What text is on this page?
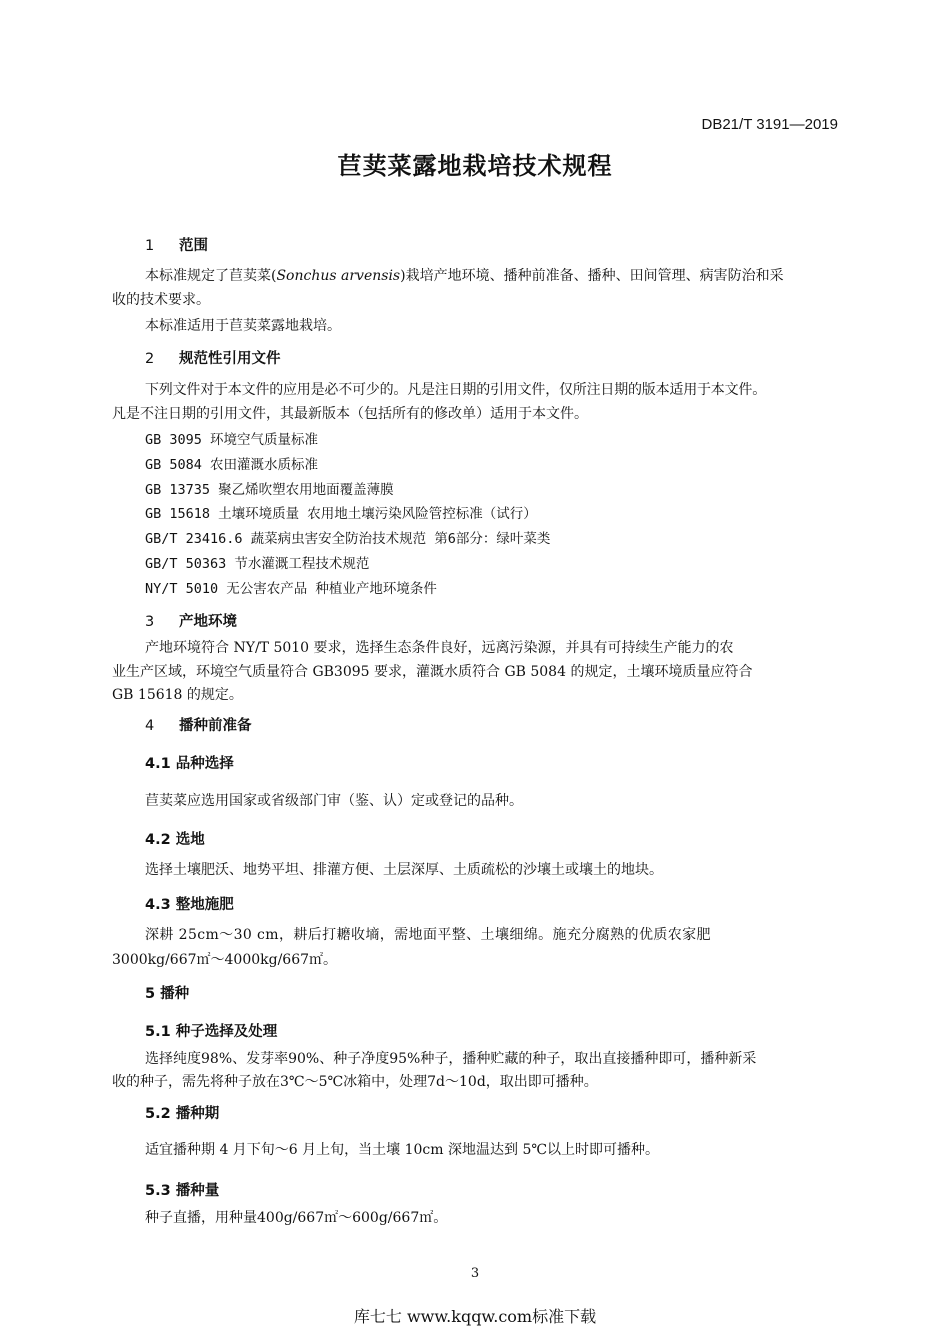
DB21/T 3191—2019
苣荬菜露地栽培技术规程
1 范围
本标准规定了苣荬菜(Sonchus arvensis)栽培产地环境、播种前准备、播种、田间管理、病害防治和采
收的技术要求。
本标准适用于苣荬菜露地栽培。
2 规范性引用文件
下列文件对于本文件的应用是必不可少的。凡是注日期的引用文件，仅所注日期的版本适用于本文件。
凡是不注日期的引用文件，其最新版本（包括所有的修改单）适用于本文件。
GB 3095 环境空气质量标准
GB 5084 农田灌溉水质标准
GB 13735 聚乙烯吹塑农用地面覆盖薄膜
GB 15618 土壤环境质量 农用地土壤污染风险管控标准（试行）
GB/T 23416.6 蔬菜病虫害安全防治技术规范 第6部分：绿叶菜类
GB/T 50363 节水灌溉工程技术规范
NY/T 5010 无公害农产品 种植业产地环境条件
3 产地环境
产地环境符合 NY/T 5010 要求，选择生态条件良好，远离污染源，并具有可持续生产能力的农
业生产区域，环境空气质量符合 GB3095 要求，灌溉水质符合 GB 5084 的规定，土壤环境质量应符合
GB 15618 的规定。
4 播种前准备
4.1 品种选择
苣荬菜应选用国家或省级部门审（鉴、认）定或登记的品种。
4.2 选地
选择土壤肥沃、地势平坦、排灌方便、土层深厚、土质疏松的沙壤土或壤土的地块。
4.3 整地施肥
深耕 25cm～30 cm，耕后打耱收墒，需地面平整、土壤细绵。施充分腐熟的优质农家肥
3000kg/667㎡～4000kg/667㎡。
5 播种
5.1 种子选择及处理
选择纯度98%、发芽率90%、种子净度95%种子，播种贮藏的种子，取出直接播种即可，播种新采
收的种子，需先将种子放在3℃～5℃冰箱中，处理7d～10d，取出即可播种。
5.2 播种期
适宜播种期 4 月下旬～6 月上旬，当土壤 10cm 深地温达到 5℃以上时即可播种。
5.3 播种量
种子直播，用种量400g/667㎡～600g/667㎡。
3
库七七 www.kqqw.com标准下载
